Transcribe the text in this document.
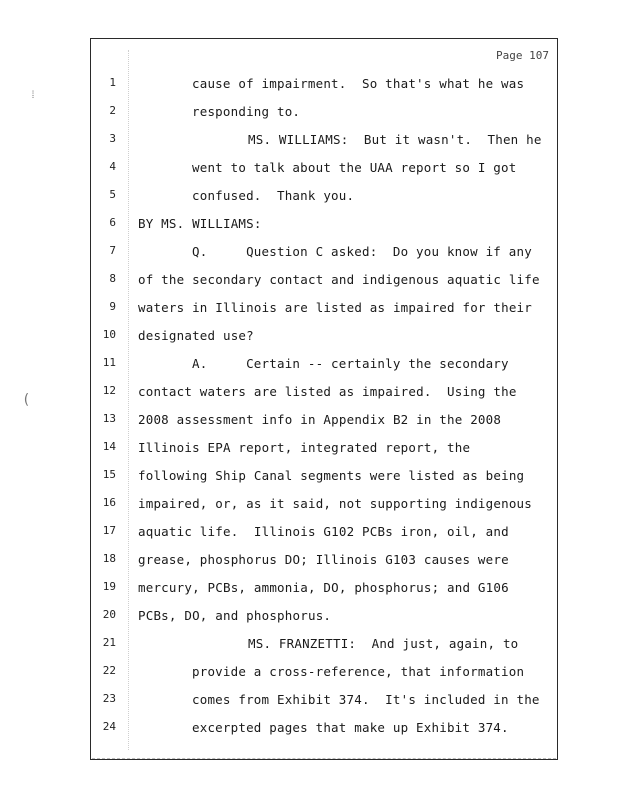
Page 107
⁞
(
1	cause of impairment.  So that's what he was
2	responding to.
3	MS. WILLIAMS:  But it wasn't.  Then he
4	went to talk about the UAA report so I got
5	confused.  Thank you.
6 BY MS. WILLIAMS:
7	Q.     Question C asked:  Do you know if any
8 of the secondary contact and indigenous aquatic life
9 waters in Illinois are listed as impaired for their
10 designated use?
11	A.     Certain -- certainly the secondary
12 contact waters are listed as impaired.  Using the
13 2008 assessment info in Appendix B2 in the 2008
14 Illinois EPA report, integrated report, the
15 following Ship Canal segments were listed as being
16 impaired, or, as it said, not supporting indigenous
17 aquatic life.  Illinois G102 PCBs iron, oil, and
18 grease, phosphorus DO; Illinois G103 causes were
19 mercury, PCBs, ammonia, DO, phosphorus; and G106
20 PCBs, DO, and phosphorus.
21	MS. FRANZETTI:  And just, again, to
22	provide a cross-reference, that information
23	comes from Exhibit 374.  It's included in the
24	excerpted pages that make up Exhibit 374.
